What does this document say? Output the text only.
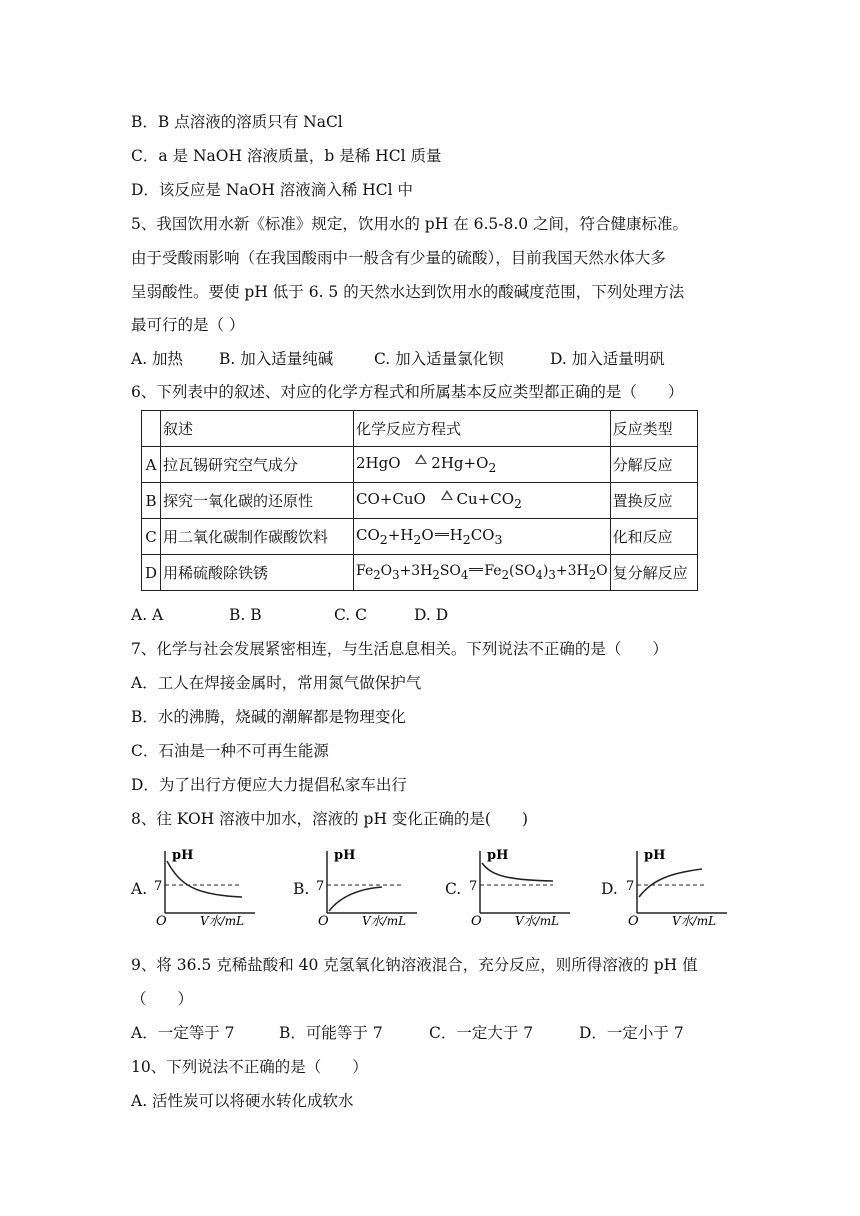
B．B 点溶液的溶质只有 NaCl
C．a 是 NaOH 溶液质量，b 是稀 HCl 质量
D．该反应是 NaOH 溶液滴入稀 HCl 中
5、我国饮用水新《标准》规定，饮用水的 pH 在 6.5-8.0 之间，符合健康标准。
由于受酸雨影响（在我国酸雨中一般含有少量的硫酸），目前我国天然水体大多
呈弱酸性。要使 pH 低于 6. 5 的天然水达到饮用水的酸碱度范围，下列处理方法
最可行的是（ ）
A. 加热 B. 加入适量纯碱	C. 加入适量氯化钡	D. 加入适量明矾
6、下列表中的叙述、对应的化学方程式和所属基本反应类型都正确的是（　　）
	叙述	化学反应方程式	反应类型
A	拉瓦锡研究空气成分	2HgO $2Hg+O_2$	分解反应
B	探究一氧化碳的还原性	CO+CuO $Cu+CO_2$	置换反应
C	用二氧化碳制作碳酸饮料	$CO_2+H_2O$ $H_2CO_3$	化和反应
D	用稀硫酸除铁锈	$Fe_2O_3+3H_2SO_4$ $Fe_2(SO_4)_3+3H_2O$	复分解反应
A. A	B. B	C. C	D. D
7、化学与社会发展紧密相连，与生活息息相关。下列说法不正确的是（　　）
A．工人在焊接金属时，常用氮气做保护气
B．水的沸腾，烧碱的潮解都是物理变化
C．石油是一种不可再生能源
D．为了出行方便应大力提倡私家车出行
8、往 KOH 溶液中加水，溶液的 pH 变化正确的是(　　)
A.
pH
7
O	V水/mL
B.
pH
7
O	V水/mL
C.
pH
7
O	V水/mL
D.
pH
7
O	V水/mL
9、将 36.5 克稀盐酸和 40 克氢氧化钠溶液混合，充分反应，则所得溶液的 pH 值
（　　）
A．一定等于 7	B．可能等于 7	C．一定大于 7	D．一定小于 7
10、下列说法不正确的是（　　）
A. 活性炭可以将硬水转化成软水
